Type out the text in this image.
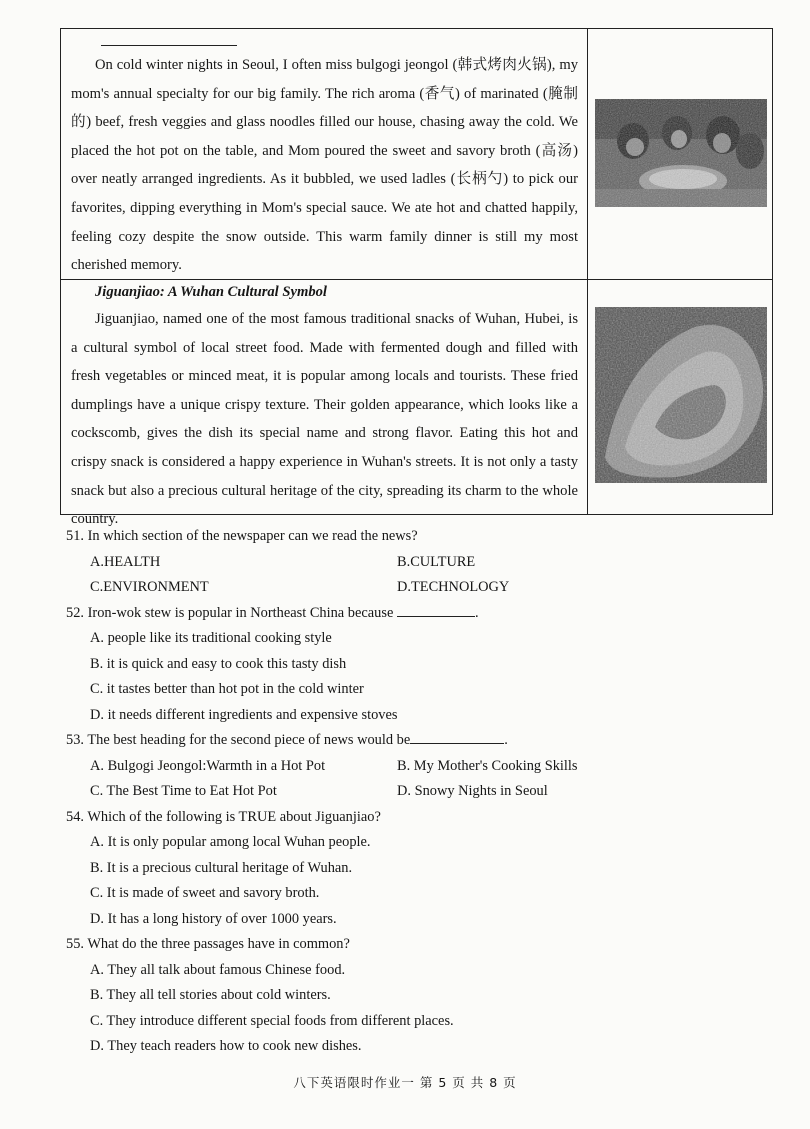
On cold winter nights in Seoul, I often miss bulgogi jeongol (韩式烤肉火锅), my mom's annual specialty for our big family. The rich aroma (香气) of marinated (腌制的) beef, fresh veggies and glass noodles filled our house, chasing away the cold. We placed the hot pot on the table, and Mom poured the sweet and savory broth (高汤) over neatly arranged ingredients. As it bubbled, we used ladles (长柄勺) to pick our favorites, dipping everything in Mom's special sauce. We ate hot and chatted happily, feeling cozy despite the snow outside. This warm family dinner is still my most cherished memory.
Jiguanjiao: A Wuhan Cultural Symbol
Jiguanjiao, named one of the most famous traditional snacks of Wuhan, Hubei, is a cultural symbol of local street food. Made with fermented dough and filled with fresh vegetables or minced meat, it is popular among locals and tourists. These fried dumplings have a unique crispy texture. Their golden appearance, which looks like a cockscomb, gives the dish its special name and strong flavor. Eating this hot and crispy snack is considered a happy experience in Wuhan's streets. It is not only a tasty snack but also a precious cultural heritage of the city, spreading its charm to the whole country.
51. In which section of the newspaper can we read the news?
A.HEALTH	B.CULTURE
C.ENVIRONMENT	D.TECHNOLOGY
52. Iron-wok stew is popular in Northeast China because	.
A. people like its traditional cooking style
B. it is quick and easy to cook this tasty dish
C. it tastes better than hot pot in the cold winter
D. it needs different ingredients and expensive stoves
53. The best heading for the second piece of news would be	.
A. Bulgogi Jeongol:Warmth in a Hot Pot	B. My Mother's Cooking Skills
C. The Best Time to Eat Hot Pot	D. Snowy Nights in Seoul
54. Which of the following is TRUE about Jiguanjiao?
A. It is only popular among local Wuhan people.
B. It is a precious cultural heritage of Wuhan.
C. It is made of sweet and savory broth.
D. It has a long history of over 1000 years.
55. What do the three passages have in common?
A. They all talk about famous Chinese food.
B. They all tell stories about cold winters.
C. They introduce different special foods from different places.
D. They teach readers how to cook new dishes.
八下英语限时作业一 第 5 页 共 8 页
